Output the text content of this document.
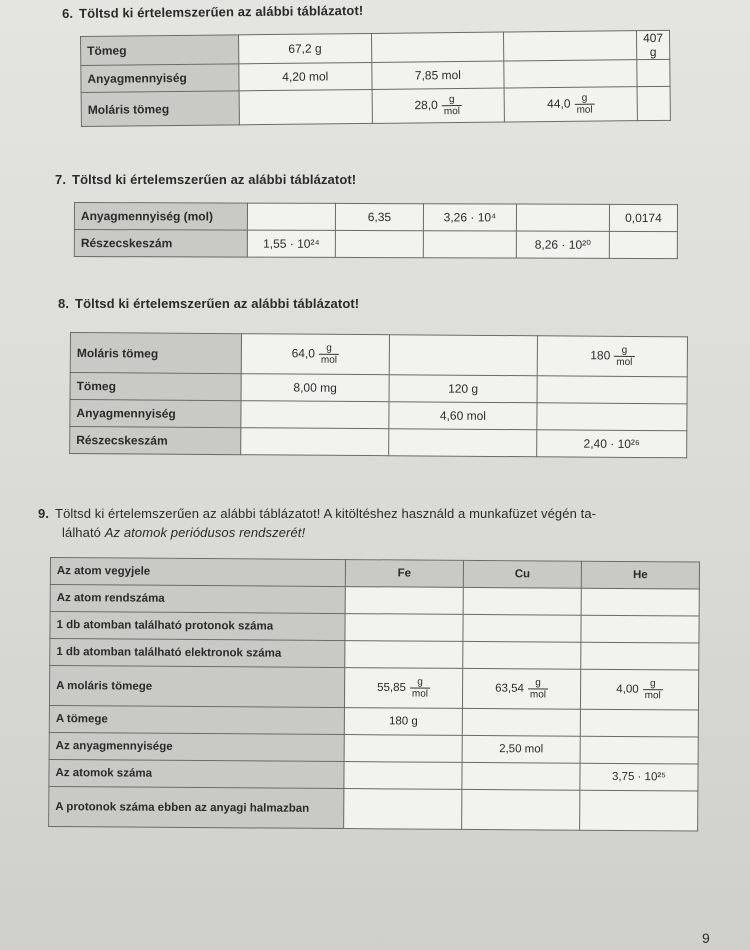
6. Töltsd ki értelemszerűen az alábbi táblázatot!
Tömeg	67,2 g			407 g
Anyagmennyiség	4,20 mol	7,85 mol		
Moláris tömeg		$28,0 \frac{g}{\text{mol}}$	$44,0 \frac{g}{\text{mol}}$

7. Töltsd ki értelemszerűen az alábbi táblázatot!
Anyagmennyiség (mol)		6,35	3,26 · 10⁴		0,0174
Részecskeszám	1,55 · 10²⁴			8,26 · 10²⁰	
8. Töltsd ki értelemszerűen az alábbi táblázatot!
Moláris tömeg	$64,0 \frac{g}{\text{mol}}$		$180 \frac{g}{\text{mol}}$

Tömeg	8,00 mg	120 g	
Anyagmennyiség		4,60 mol	
Részecskeszám			2,40 · 10²⁶
9. Töltsd ki értelemszerűen az alábbi táblázatot! A kitöltéshez használd a munkafüzet végén ta-
lálható Az atomok periódusos rendszerét!
Az atom vegyjele	Fe	Cu	He
Az atom rendszáma			
1 db atomban található protonok száma			
1 db atomban található elektronok száma			
A moláris tömege	$55,85 \frac{g}{\text{mol}}$	$63,54 \frac{g}{\text{mol}}$	$4,00 \frac{g}{\text{mol}}$

A tömege	180 g		
Az anyagmennyisége		2,50 mol	
Az atomok száma			3,75 · 10²⁵
A protonok száma ebben az anyagi halmazban			
9
